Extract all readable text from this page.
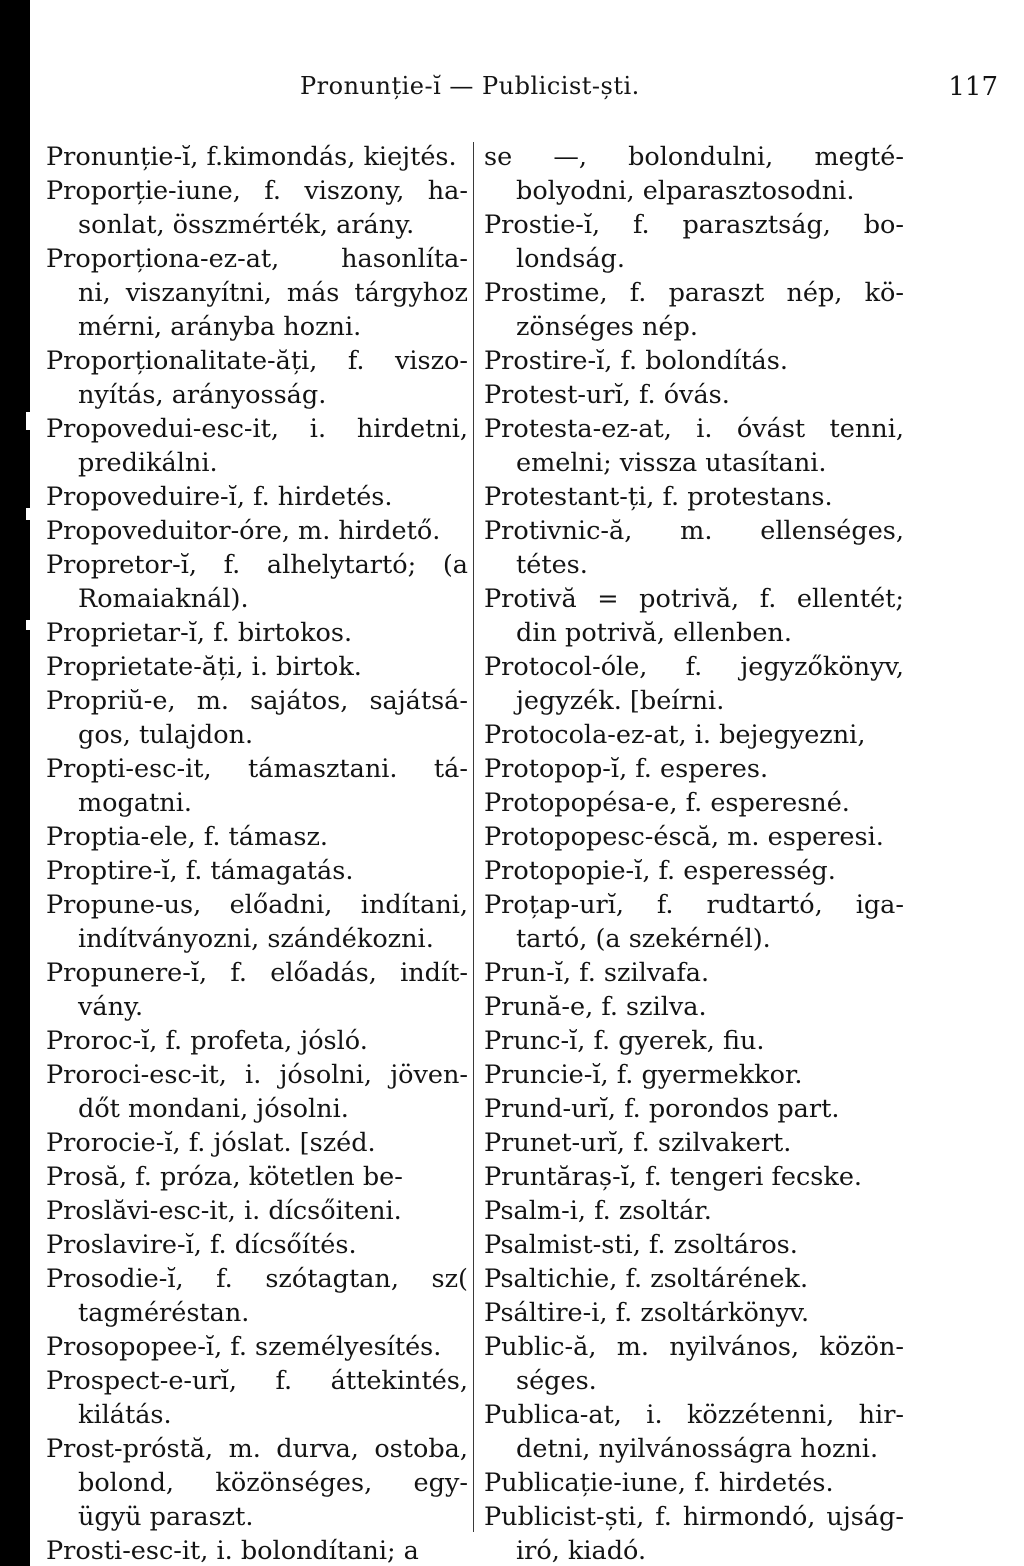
Pronunție-ĭ — Publicist-ști.	117
Pronunție-ĭ, f.kimondás, kiejtés.
Proporție-iune, f. viszony, ha-
sonlat, összmérték, arány.
Proporționa-ez-at, hasonlíta-
ni, viszanyítni, más tárgyhoz
mérni, arányba hozni.
Proporționalitate-ăți, f. viszo-
nyítás, arányosság.
Propovedui-esc-it, i. hirdetni,
predikálni.
Propoveduire-ĭ, f. hirdetés.
Propoveduitor-óre, m. hirdető.
Propretor-ĭ, f. alhelytartó; (a
Romaiaknál).
Proprietar-ĭ, f. birtokos.
Proprietate-ăți, i. birtok.
Propriŭ-e, m. sajátos, sajátsá-
gos, tulajdon.
Propti-esc-it, támasztani. tá-
mogatni.
Proptia-ele, f. támasz.
Proptire-ĭ, f. támagatás.
Propune-us, előadni, indítani,
indítványozni, szándékozni.
Propunere-ĭ, f. előadás, indít-
vány.
Proroc-ĭ, f. profeta, jósló.
Proroci-esc-it, i. jósolni, jöven-
dőt mondani, jósolni.
Prorocie-ĭ, f. jóslat. [széd.
Prosă, f. próza, kötetlen be-
Proslăvi-esc-it, i. dícsőiteni.
Proslavire-ĭ, f. dícsőítés.
Prosodie-ĭ, f. szótagtan, sz(
tagméréstan.
Prosopopee-ĭ, f. személyesítés.
Prospect-e-urĭ, f. áttekintés,
kilátás.
Prost-próstă, m. durva, ostoba,
bolond, közönséges, egy-
ügyü paraszt.
Prosti-esc-it, i. bolondítani; a
se —, bolondulni, megté-
bolyodni, elparasztosodni.
Prostie-ĭ, f. parasztság, bo-
londság.
Prostime, f. paraszt nép, kö-
zönséges nép.
Prostire-ĭ, f. bolondítás.
Protest-urĭ, f. óvás.
Protesta-ez-at, i. óvást tenni,
emelni; vissza utasítani.
Protestant-ți, f. protestans.
Protivnic-ă, m. ellenséges,
tétes.
Protivă = potrivă, f. ellentét;
din potrivă, ellenben.
Protocol-óle, f. jegyzőkönyv,
jegyzék. [beírni.
Protocola-ez-at, i. bejegyezni,
Protopop-ĭ, f. esperes.
Protopopésa-e, f. esperesné.
Protopopesc-éscă, m. esperesi.
Protopopie-ĭ, f. esperesség.
Proțap-urĭ, f. rudtartó, iga-
tartó, (a szekérnél).
Prun-ĭ, f. szilvafa.
Prună-e, f. szilva.
Prunc-ĭ, f. gyerek, fiu.
Pruncie-ĭ, f. gyermekkor.
Prund-urĭ, f. porondos part.
Prunet-urĭ, f. szilvakert.
Pruntăraș-ĭ, f. tengeri fecske.
Psalm-i, f. zsoltár.
Psalmist-sti, f. zsoltáros.
Psaltichie, f. zsoltárének.
Psáltire-i, f. zsoltárkönyv.
Public-ă, m. nyilvános, közön-
séges.
Publica-at, i. közzétenni, hir-
detni, nyilvánosságra hozni.
Publicație-iune, f. hirdetés.
Publicist-ști, f. hirmondó, ujság-
iró, kiadó.
